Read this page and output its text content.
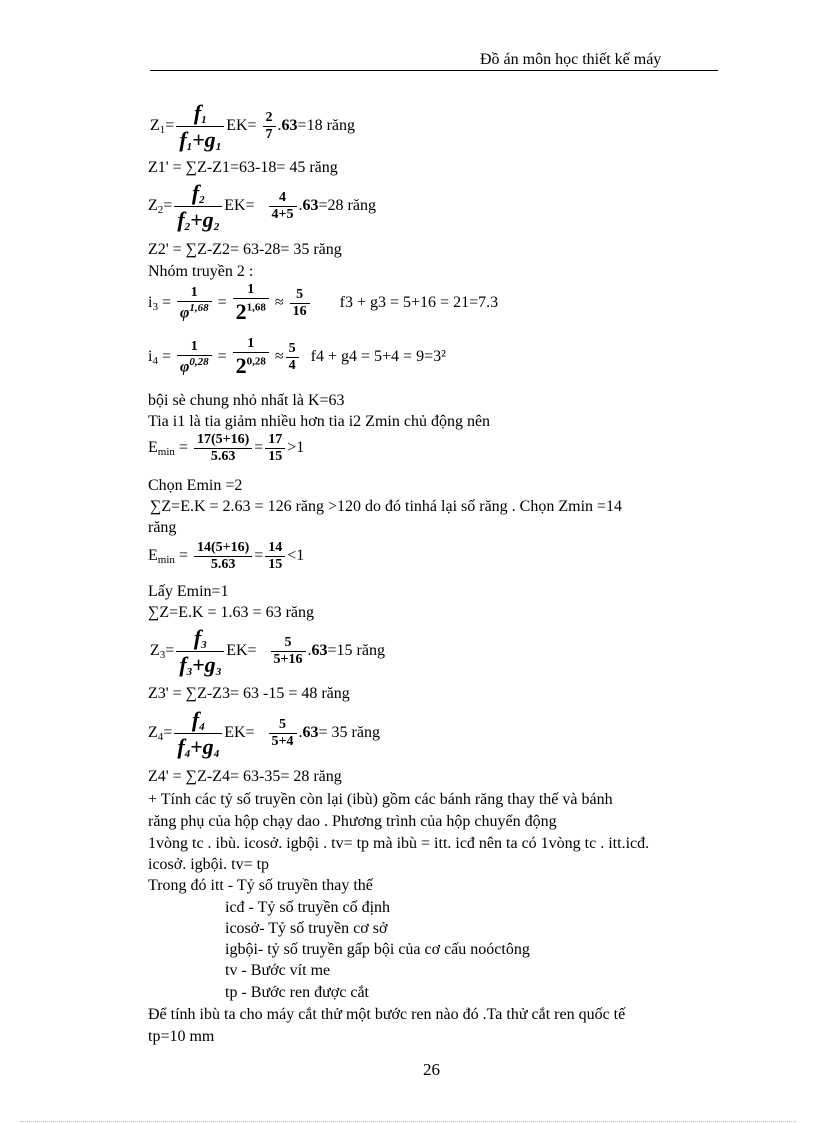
Đồ án môn học thiết kế máy
$Z_1= \frac{f_1}{f_1+g_1} EK= \frac{2}{7} .63=18$ răng
Z1' = ∑Z-Z1=63-18= 45 răng
$Z_2= \frac{f_2}{f_2+g_2} EK= \frac{4}{4+5} .63=28$ răng
Z2' = ∑Z-Z2= 63-28= 35 răng
Nhóm truyền 2 :
$i_3 = \frac{1}{\varphi^{1,68}} = \frac{1}{2^{1,68}} \approx \frac{5}{16} f3 + g3 = 5+16 = 21=7.3$
$i_4 = \frac{1}{\varphi^{0,28}} = \frac{1}{2^{0,28}} \approx \frac{5}{4} f4 + g4 = 5+4 = 9=3^2$
bội sè chung nhỏ nhất là K=63
Tia i1 là tia giảm nhiều hơn tia i2 Zmin chủ động nên
$E_{min} = \frac{17(5+16)}{5.63} = \frac{17}{15} >1$
Chọn Emin =2
∑Z=E.K = 2.63 = 126 răng >120 do đó tinhá lại số răng . Chọn Zmin =14
răng
$E_{min} = \frac{14(5+16)}{5.63} = \frac{14}{15} <1$
Lấy Emin=1
∑Z=E.K = 1.63 = 63 răng
$Z_3= \frac{f_3}{f_3+g_3} EK= \frac{5}{5+16} .63=15$ răng
Z3' = ∑Z-Z3= 63 -15 = 48 răng
$Z_4= \frac{f_4}{f_4+g_4} EK= \frac{5}{5+4} .63= 35$ răng
Z4' = ∑Z-Z4= 63-35= 28 răng
+ Tính các tỷ số truyền còn lại (ibù) gồm các bánh răng thay thế và bánh
răng phụ của hộp chạy dao . Phương trình của hộp chuyển động
1vòng tc . ibù. icosở. igbội . tv= tp mà ibù = itt. icđ nên ta có 1vòng tc . itt.icđ.
icosở. igbội. tv= tp
Trong đó itt - Tỷ số truyền thay thế
icđ - Tỷ số truyền cố định
icosở- Tỷ số truyền cơ sở
igbội- tỷ số truyền gấp bội của cơ cấu noóctông
tv - Bước vít me
tp - Bước ren được cắt
Để tính ibù ta cho máy cắt thử một bước ren nào đó .Ta thử cắt ren quốc tế
tp=10 mm
26
